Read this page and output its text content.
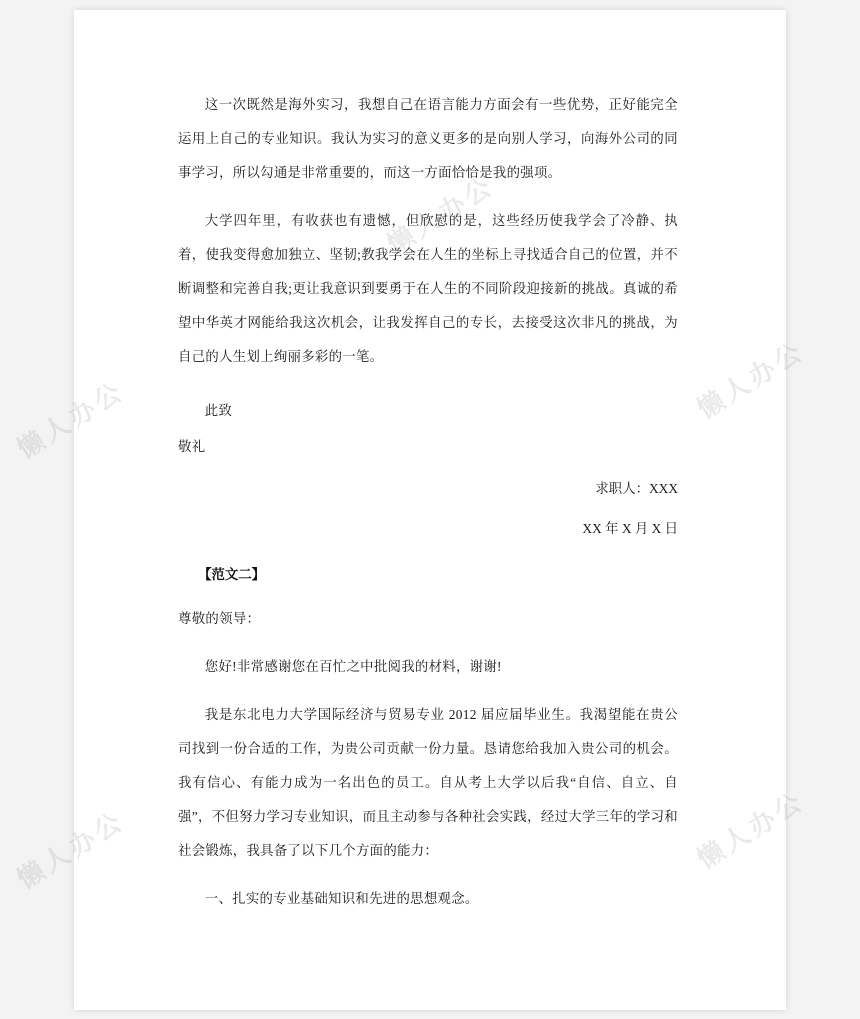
这一次既然是海外实习，我想自己在语言能力方面会有一些优势，正好能完全运用上自己的专业知识。我认为实习的意义更多的是向别人学习，向海外公司的同事学习，所以勾通是非常重要的，而这一方面恰恰是我的强项。

大学四年里，有收获也有遗憾，但欣慰的是，这些经历使我学会了冷静、执着，使我变得愈加独立、坚韧;教我学会在人生的坐标上寻找适合自己的位置，并不断调整和完善自我;更让我意识到要勇于在人生的不同阶段迎接新的挑战。真诚的希望中华英才网能给我这次机会，让我发挥自己的专长，去接受这次非凡的挑战，为自己的人生划上绚丽多彩的一笔。

此致

敬礼

求职人：XXX

XX 年 X 月 X 日

【范文二】

尊敬的领导：

您好!非常感谢您在百忙之中批阅我的材料，谢谢!

我是东北电力大学国际经济与贸易专业 2012 届应届毕业生。我渴望能在贵公司找到一份合适的工作，为贵公司贡献一份力量。恳请您给我加入贵公司的机会。我有信心、有能力成为一名出色的员工。自从考上大学以后我“自信、自立、自强”，不但努力学习专业知识，而且主动参与各种社会实践，经过大学三年的学习和社会锻炼，我具备了以下几个方面的能力：

一、扎实的专业基础知识和先进的思想观念。

懒人办公
懒人办公
